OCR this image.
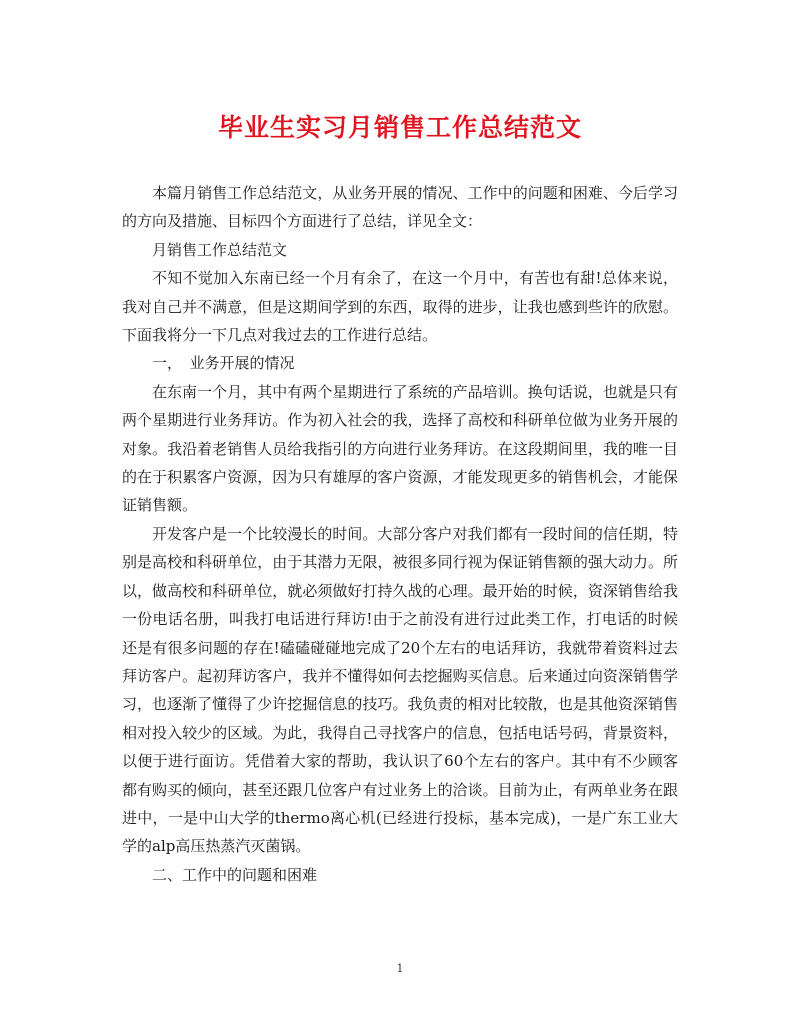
毕业生实习月销售工作总结范文

本篇月销售工作总结范文，从业务开展的情况、工作中的问题和困难、今后学习的方向及措施、目标四个方面进行了总结，详见全文：

月销售工作总结范文

不知不觉加入东南已经一个月有余了，在这一个月中，有苦也有甜!总体来说，我对自己并不满意，但是这期间学到的东西，取得的进步，让我也感到些许的欣慰。下面我将分一下几点对我过去的工作进行总结。

一，　业务开展的情况

在东南一个月，其中有两个星期进行了系统的产品培训。换句话说，也就是只有两个星期进行业务拜访。作为初入社会的我，选择了高校和科研单位做为业务开展的对象。我沿着老销售人员给我指引的方向进行业务拜访。在这段期间里，我的唯一目的在于积累客户资源，因为只有雄厚的客户资源，才能发现更多的销售机会，才能保证销售额。

开发客户是一个比较漫长的时间。大部分客户对我们都有一段时间的信任期，特别是高校和科研单位，由于其潜力无限，被很多同行视为保证销售额的强大动力。所以，做高校和科研单位，就必须做好打持久战的心理。最开始的时候，资深销售给我一份电话名册，叫我打电话进行拜访!由于之前没有进行过此类工作，打电话的时候还是有很多问题的存在!磕磕碰碰地完成了20个左右的电话拜访，我就带着资料过去拜访客户。起初拜访客户，我并不懂得如何去挖掘购买信息。后来通过向资深销售学习，也逐渐了懂得了少许挖掘信息的技巧。我负责的相对比较散，也是其他资深销售相对投入较少的区域。为此，我得自己寻找客户的信息，包括电话号码，背景资料，以便于进行面访。凭借着大家的帮助，我认识了60个左右的客户。其中有不少顾客都有购买的倾向，甚至还跟几位客户有过业务上的洽谈。目前为止，有两单业务在跟进中，一是中山大学的thermo离心机(已经进行投标，基本完成)，一是广东工业大学的alp高压热蒸汽灭菌锅。

二、工作中的问题和困难

1
